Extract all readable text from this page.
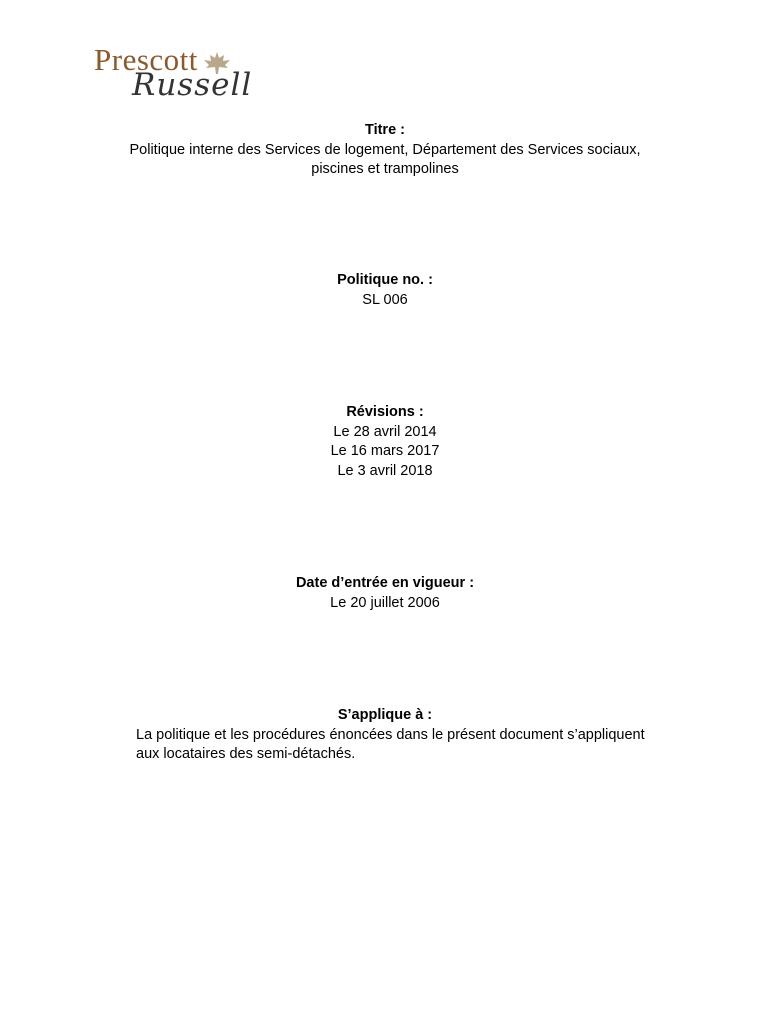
Prescott
Russell
Titre :
Politique interne des Services de logement, Département des Services sociaux,
piscines et trampolines
Politique no. :
SL 006
Révisions :
Le 28 avril 2014
Le 16 mars 2017
Le 3 avril 2018
Date d’entrée en vigueur :
Le 20 juillet 2006
S’applique à :
La politique et les procédures énoncées dans le présent document s’appliquent
aux locataires des semi-détachés.
